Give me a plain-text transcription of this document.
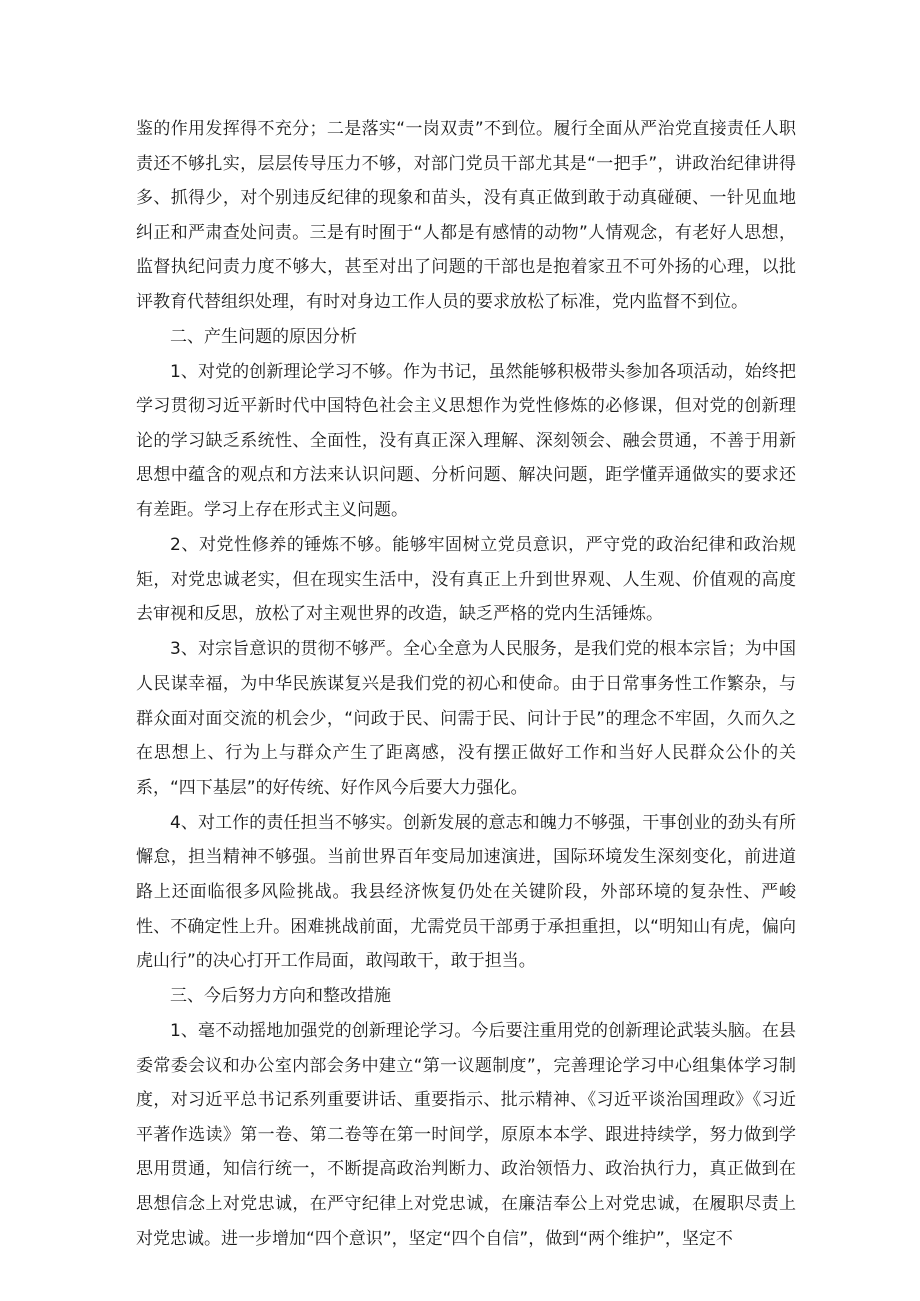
鉴的作用发挥得不充分；二是落实“一岗双责”不到位。履行全面从严治党直接责任人职责还不够扎实，层层传导压力不够，对部门党员干部尤其是“一把手”，讲政治纪律讲得多、抓得少，对个别违反纪律的现象和苗头，没有真正做到敢于动真碰硬、一针见血地纠正和严肃查处问责。三是有时囿于“人都是有感情的动物”人情观念，有老好人思想，监督执纪问责力度不够大，甚至对出了问题的干部也是抱着家丑不可外扬的心理，以批评教育代替组织处理，有时对身边工作人员的要求放松了标准，党内监督不到位。

二、产生问题的原因分析

1、对党的创新理论学习不够。作为书记，虽然能够积极带头参加各项活动，始终把学习贯彻习近平新时代中国特色社会主义思想作为党性修炼的必修课，但对党的创新理论的学习缺乏系统性、全面性，没有真正深入理解、深刻领会、融会贯通，不善于用新思想中蕴含的观点和方法来认识问题、分析问题、解决问题，距学懂弄通做实的要求还有差距。学习上存在形式主义问题。

2、对党性修养的锤炼不够。能够牢固树立党员意识，严守党的政治纪律和政治规矩，对党忠诚老实，但在现实生活中，没有真正上升到世界观、人生观、价值观的高度去审视和反思，放松了对主观世界的改造，缺乏严格的党内生活锤炼。

3、对宗旨意识的贯彻不够严。全心全意为人民服务，是我们党的根本宗旨；为中国人民谋幸福，为中华民族谋复兴是我们党的初心和使命。由于日常事务性工作繁杂，与群众面对面交流的机会少，“问政于民、问需于民、问计于民”的理念不牢固，久而久之在思想上、行为上与群众产生了距离感，没有摆正做好工作和当好人民群众公仆的关系，“四下基层”的好传统、好作风今后要大力强化。

4、对工作的责任担当不够实。创新发展的意志和魄力不够强，干事创业的劲头有所懈怠，担当精神不够强。当前世界百年变局加速演进，国际环境发生深刻变化，前进道路上还面临很多风险挑战。我县经济恢复仍处在关键阶段，外部环境的复杂性、严峻性、不确定性上升。困难挑战前面，尤需党员干部勇于承担重担，以“明知山有虎，偏向虎山行”的决心打开工作局面，敢闯敢干，敢于担当。

三、今后努力方向和整改措施

1、毫不动摇地加强党的创新理论学习。今后要注重用党的创新理论武装头脑。在县委常委会议和办公室内部会务中建立“第一议题制度”，完善理论学习中心组集体学习制度，对习近平总书记系列重要讲话、重要指示、批示精神、《习近平谈治国理政》《习近平著作选读》第一卷、第二卷等在第一时间学，原原本本学、跟进持续学，努力做到学思用贯通，知信行统一，不断提高政治判断力、政治领悟力、政治执行力，真正做到在思想信念上对党忠诚，在严守纪律上对党忠诚，在廉洁奉公上对党忠诚，在履职尽责上对党忠诚。进一步增加“四个意识”，坚定“四个自信”，做到“两个维护”，坚定不
